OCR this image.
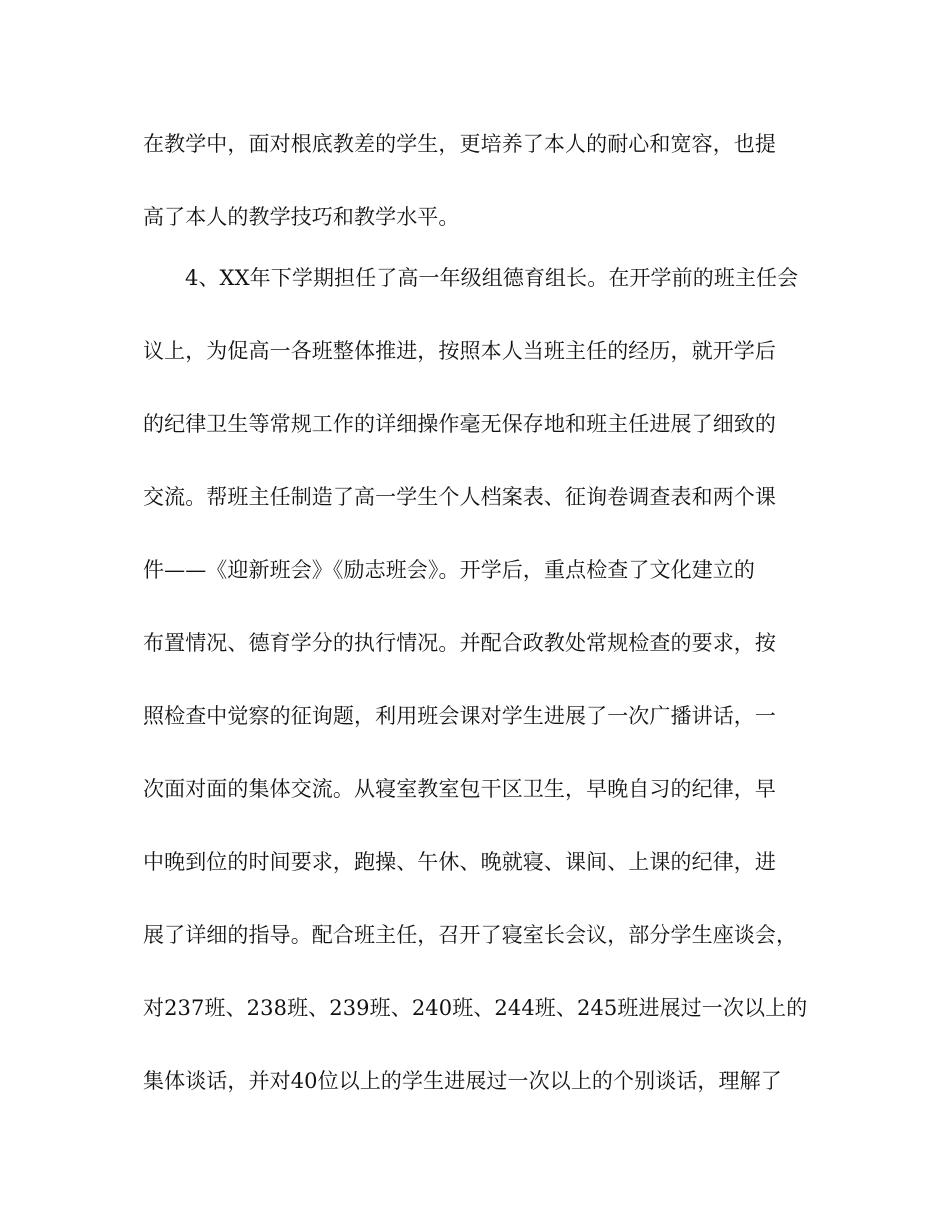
在教学中，面对根底教差的学生，更培养了本人的耐心和宽容，也提
高了本人的教学技巧和教学水平。
4、XX年下学期担任了高一年级组德育组长。在开学前的班主任会
议上，为促高一各班整体推进，按照本人当班主任的经历，就开学后
的纪律卫生等常规工作的详细操作毫无保存地和班主任进展了细致的
交流。帮班主任制造了高一学生个人档案表、征询卷调查表和两个课
件——《迎新班会》《励志班会》。开学后，重点检查了文化建立的
布置情况、德育学分的执行情况。并配合政教处常规检查的要求，按
照检查中觉察的征询题，利用班会课对学生进展了一次广播讲话，一
次面对面的集体交流。从寝室教室包干区卫生，早晚自习的纪律，早
中晚到位的时间要求，跑操、午休、晚就寝、课间、上课的纪律，进
展了详细的指导。配合班主任，召开了寝室长会议，部分学生座谈会，
对237班、238班、239班、240班、244班、245班进展过一次以上的
集体谈话，并对40位以上的学生进展过一次以上的个别谈话，理解了
